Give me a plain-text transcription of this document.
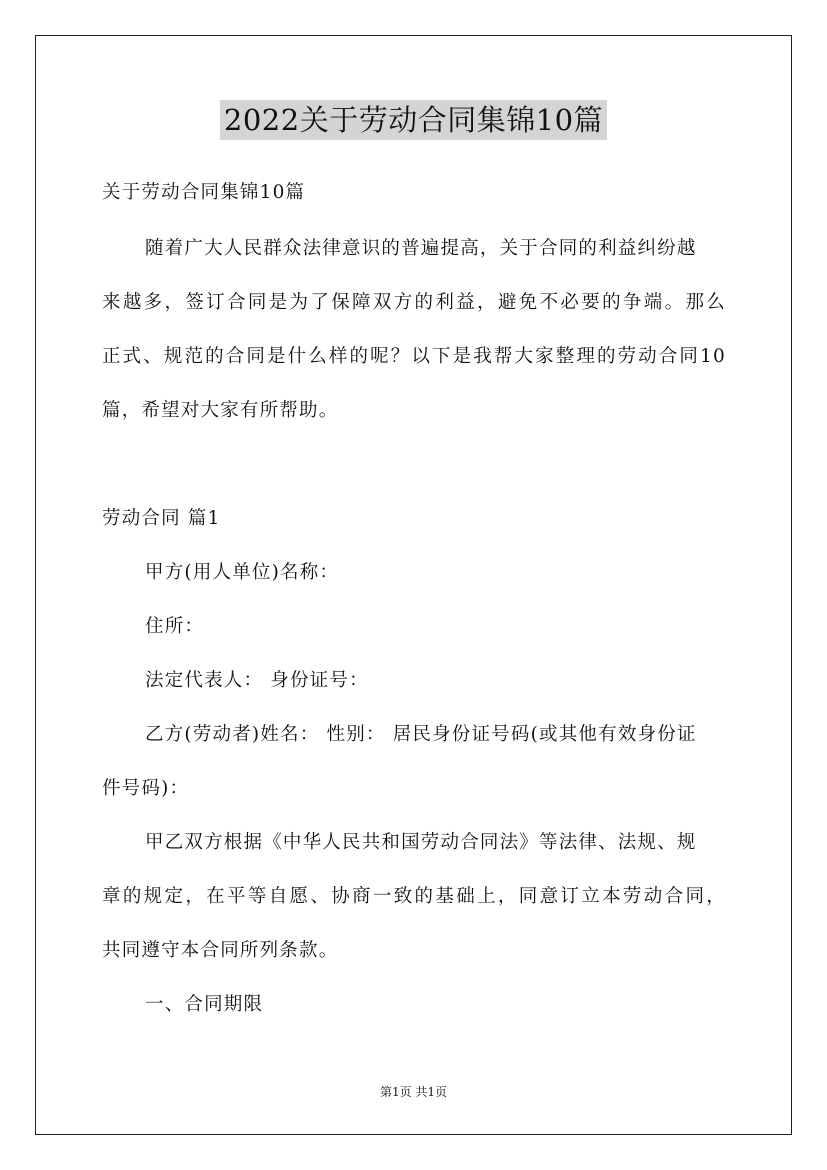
2022关于劳动合同集锦10篇
关于劳动合同集锦10篇
随着广大人民群众法律意识的普遍提高，关于合同的利益纠纷越
来越多，签订合同是为了保障双方的利益，避免不必要的争端。那么
正式、规范的合同是什么样的呢？以下是我帮大家整理的劳动合同10
篇，希望对大家有所帮助。
劳动合同 篇1
甲方(用人单位)名称：
住所：
法定代表人： 身份证号：
乙方(劳动者)姓名： 性别： 居民身份证号码(或其他有效身份证
件号码)：
甲乙双方根据《中华人民共和国劳动合同法》等法律、法规、规
章的规定，在平等自愿、协商一致的基础上，同意订立本劳动合同，
共同遵守本合同所列条款。
一、合同期限
第1页 共1页
